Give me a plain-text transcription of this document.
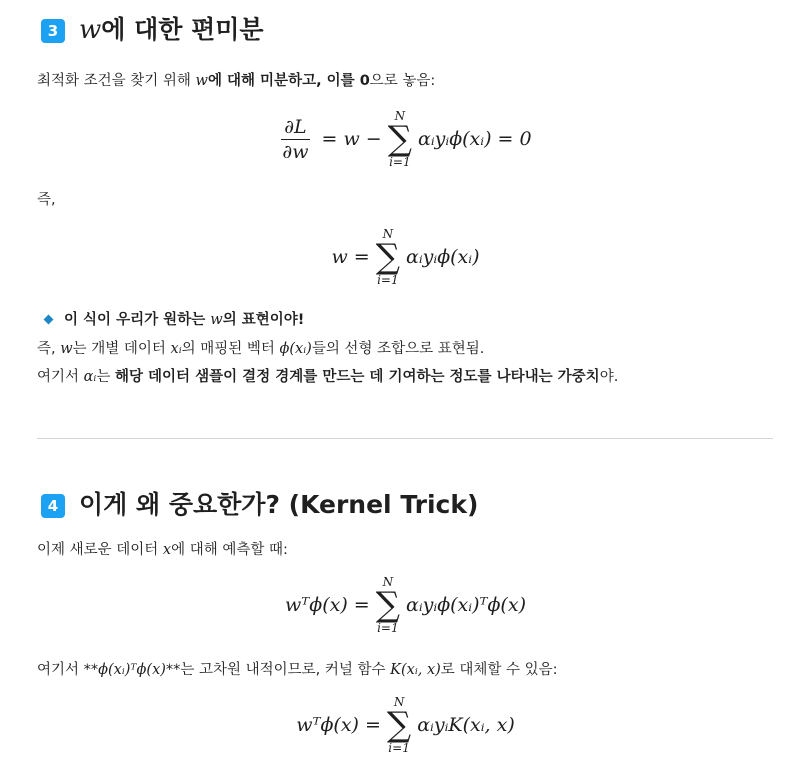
3 w에 대한 편미분
최적화 조건을 찾기 위해 w에 대해 미분하고, 이를 0으로 놓음:
$\frac{\partial L}{\partial w} = w$ −
N
∑
i=1
αᵢyᵢϕ(xᵢ) = 0
즉,
w =
N
∑
i=1
αᵢyᵢϕ(xᵢ)
이 식이 우리가 원하는 w의 표현이야!
즉, w는 개별 데이터 xᵢ의 매핑된 벡터 ϕ(xᵢ)들의 선형 조합으로 표현됨.
여기서 αᵢ는 해당 데이터 샘플이 결정 경계를 만드는 데 기여하는 정도를 나타내는 가중치야.
4 이게 왜 중요한가? (Kernel Trick)
이제 새로운 데이터 x에 대해 예측할 때:
wᵀϕ(x) =
N
∑
i=1
αᵢyᵢϕ(xᵢ)ᵀϕ(x)
여기서 **ϕ(xᵢ)ᵀϕ(x)**는 고차원 내적이므로, 커널 함수 K(xᵢ, x)로 대체할 수 있음:
wᵀϕ(x) =
N
∑
i=1
αᵢyᵢK(xᵢ, x)
